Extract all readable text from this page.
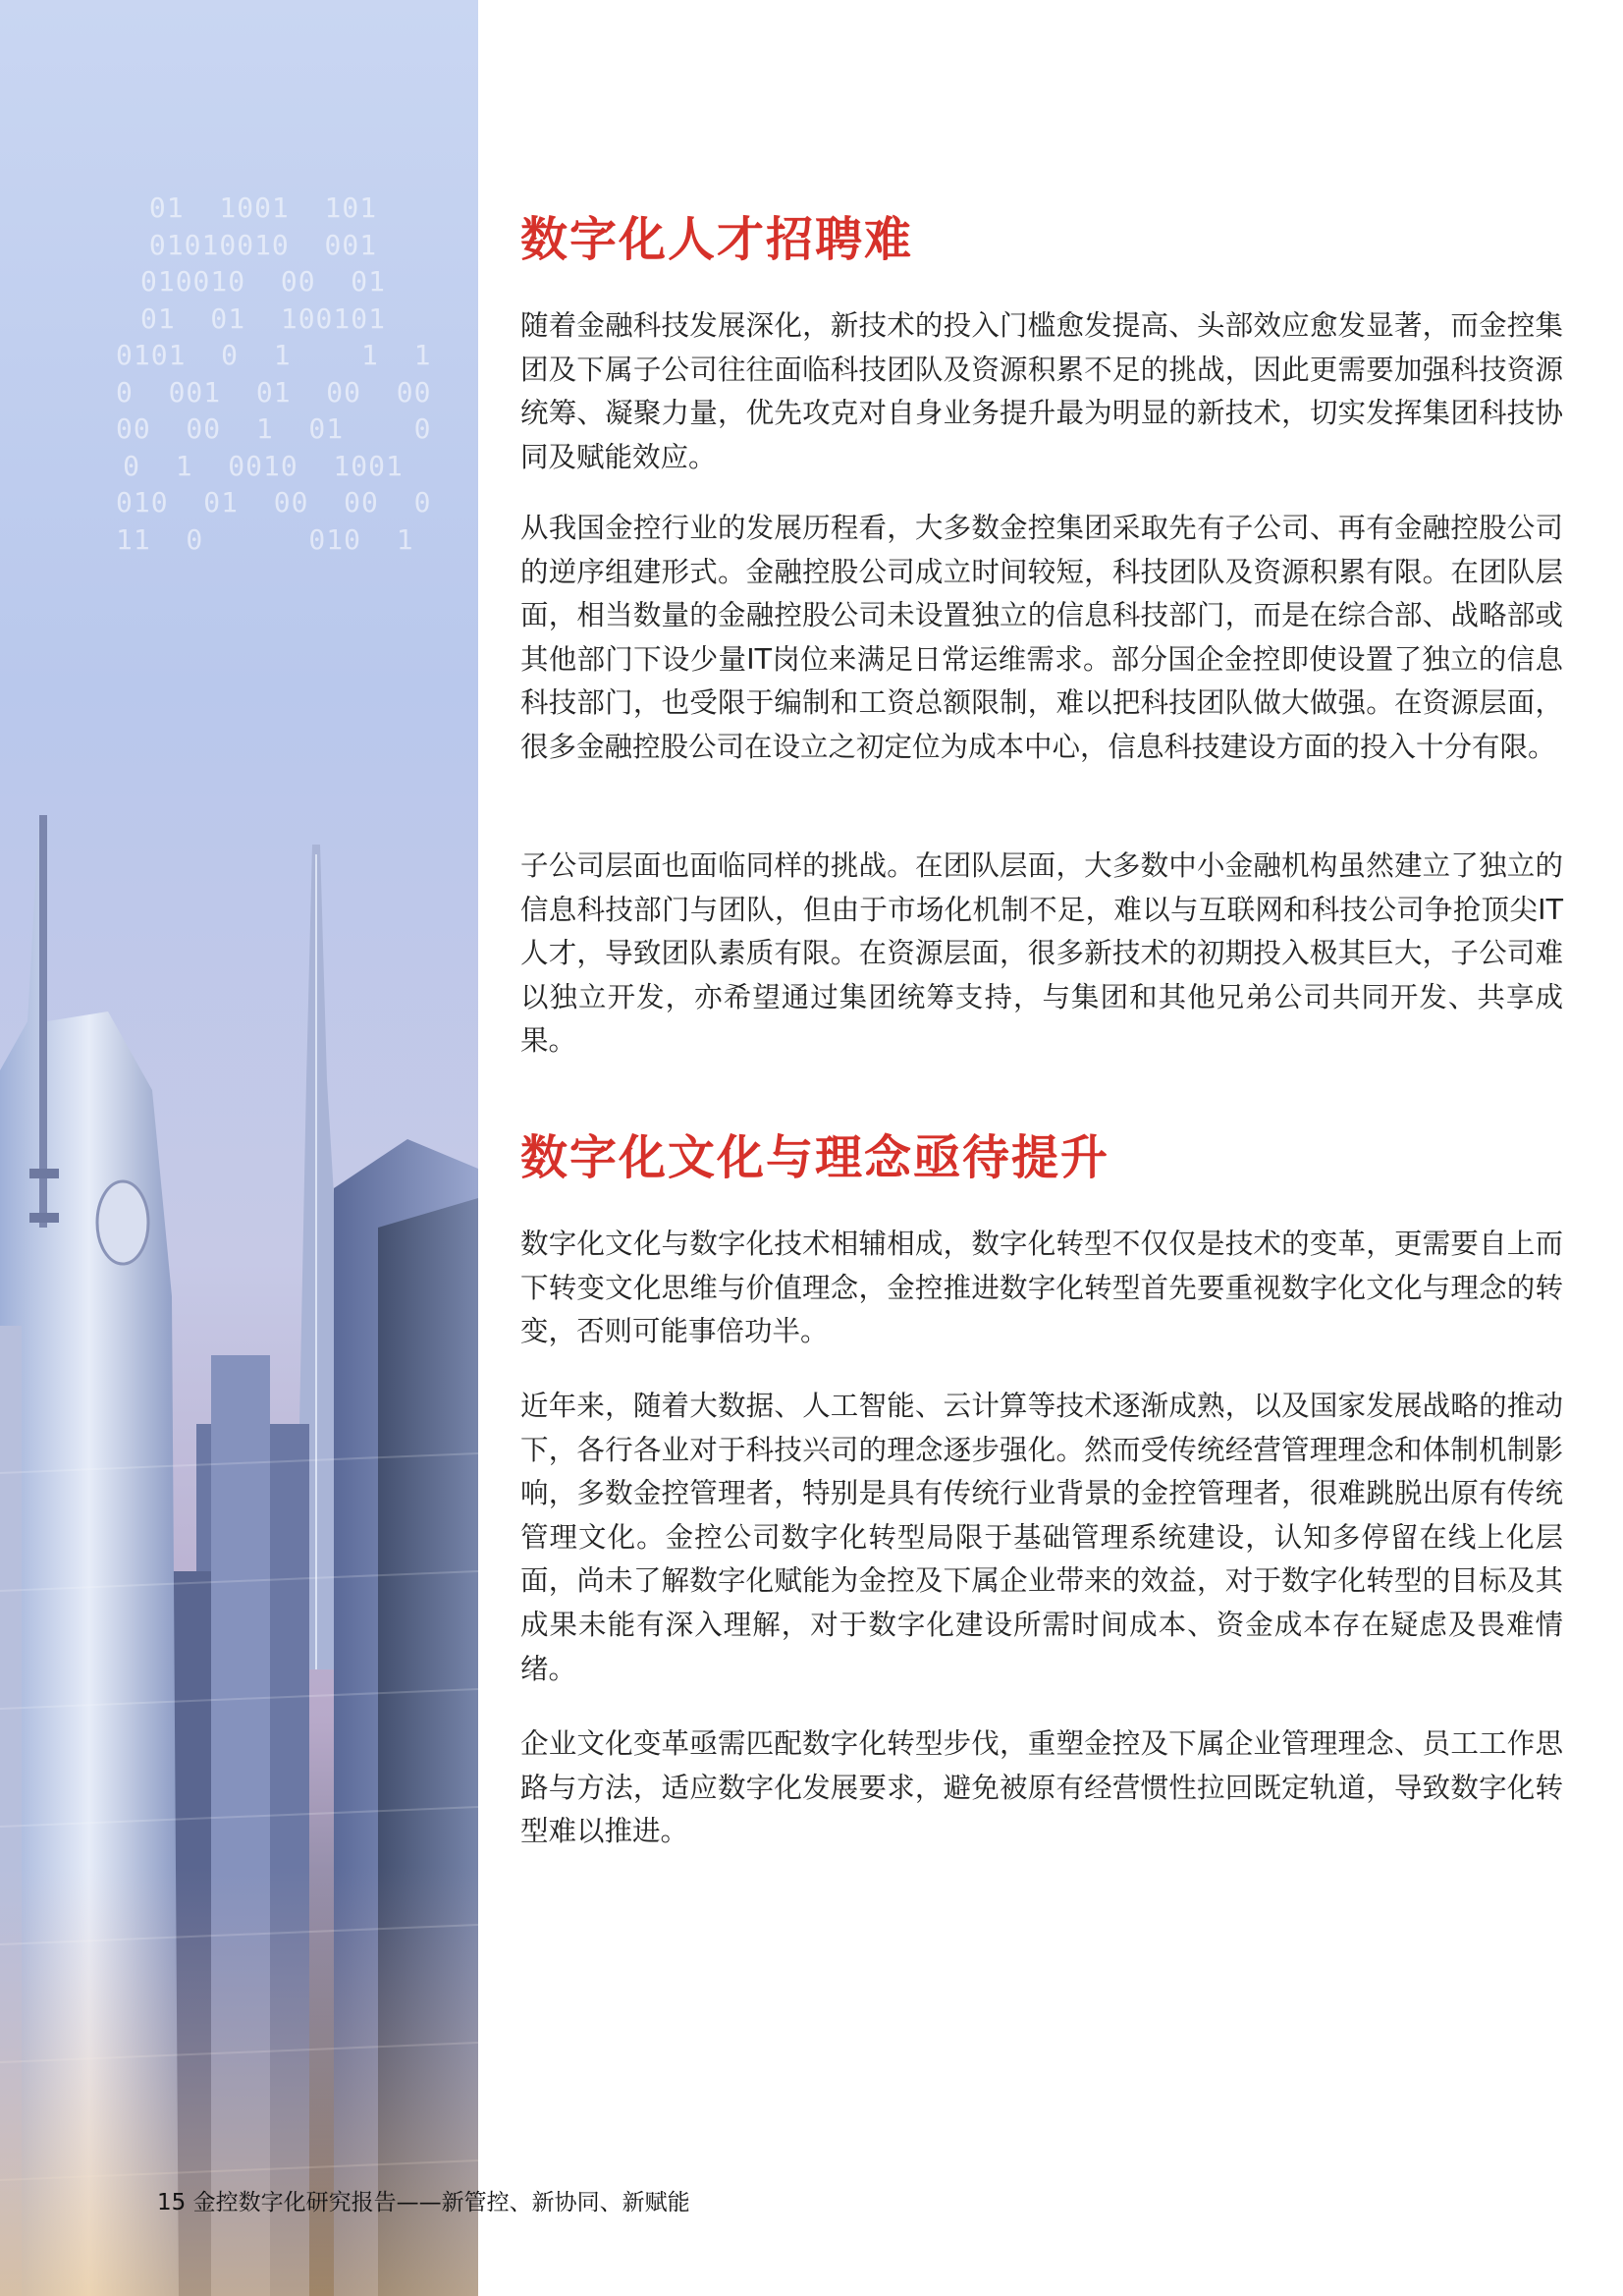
01  1001  101
01010010  001
010010  00  01
01  01  100101
0101  0  1    1  1
0  001  01  00  00
00  00  1  01    0
0  1  0010  1001
010  01  00  00  0
11  0      010  1
数字化人才招聘难

随着金融科技发展深化，新技术的投入门槛愈发提高、头部效应愈发显著，而金控集团及下属子公司往往面临科技团队及资源积累不足的挑战，因此更需要加强科技资源统筹、凝聚力量，优先攻克对自身业务提升最为明显的新技术，切实发挥集团科技协同及赋能效应。

从我国金控行业的发展历程看，大多数金控集团采取先有子公司、再有金融控股公司的逆序组建形式。金融控股公司成立时间较短，科技团队及资源积累有限。在团队层面，相当数量的金融控股公司未设置独立的信息科技部门，而是在综合部、战略部或其他部门下设少量IT岗位来满足日常运维需求。部分国企金控即使设置了独立的信息科技部门，也受限于编制和工资总额限制，难以把科技团队做大做强。在资源层面，很多金融控股公司在设立之初定位为成本中心，信息科技建设方面的投入十分有限。

子公司层面也面临同样的挑战。在团队层面，大多数中小金融机构虽然建立了独立的信息科技部门与团队，但由于市场化机制不足，难以与互联网和科技公司争抢顶尖IT人才，导致团队素质有限。在资源层面，很多新技术的初期投入极其巨大，子公司难以独立开发，亦希望通过集团统筹支持，与集团和其他兄弟公司共同开发、共享成果。

数字化文化与理念亟待提升

数字化文化与数字化技术相辅相成，数字化转型不仅仅是技术的变革，更需要自上而下转变文化思维与价值理念，金控推进数字化转型首先要重视数字化文化与理念的转变，否则可能事倍功半。

近年来，随着大数据、人工智能、云计算等技术逐渐成熟，以及国家发展战略的推动下，各行各业对于科技兴司的理念逐步强化。然而受传统经营管理理念和体制机制影响，多数金控管理者，特别是具有传统行业背景的金控管理者，很难跳脱出原有传统管理文化。金控公司数字化转型局限于基础管理系统建设，认知多停留在线上化层面，尚未了解数字化赋能为金控及下属企业带来的效益，对于数字化转型的目标及其成果未能有深入理解，对于数字化建设所需时间成本、资金成本存在疑虑及畏难情绪。

企业文化变革亟需匹配数字化转型步伐，重塑金控及下属企业管理理念、员工工作思路与方法，适应数字化发展要求，避免被原有经营惯性拉回既定轨道，导致数字化转型难以推进。

15 金控数字化研究报告——新管控、新协同、新赋能
